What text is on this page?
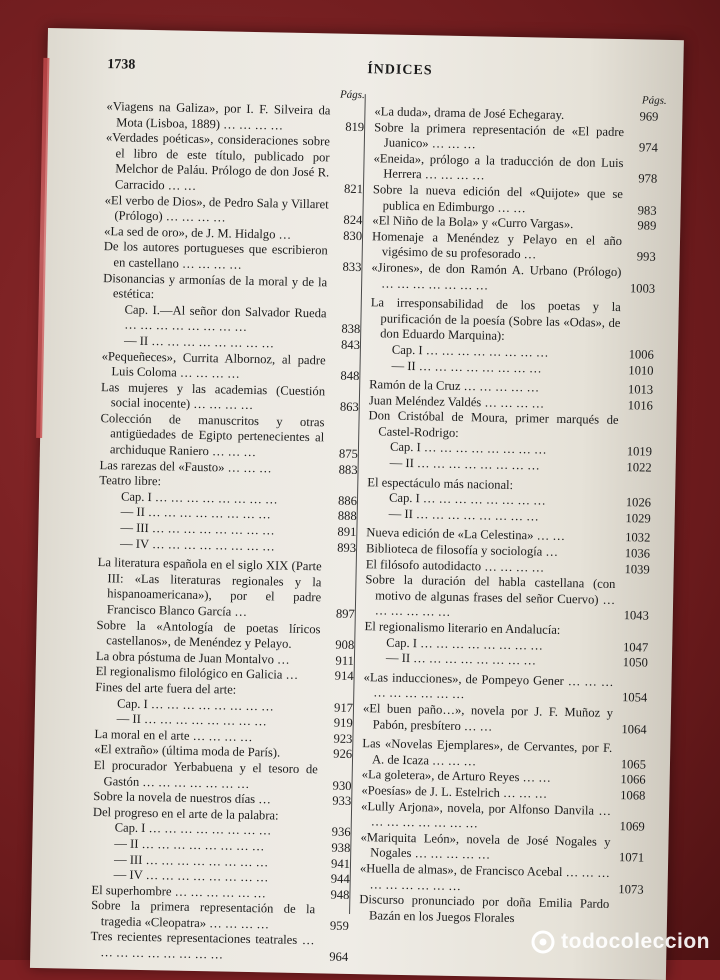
1738	ÍNDICES
Págs.
«Viagens na Galiza», por I. F. Silveira da Mota (Lisboa, 1889) … … … …	819
«Verdades poéticas», consideraciones sobre el libro de este título, publicado por Melchor de Paláu. Prólogo de don José R. Carracido … …	821
«El verbo de Dios», de Pedro Sala y Villaret (Prólogo) … … … …	824
«La sed de oro», de J. M. Hidalgo …	830
De los autores portugueses que escribieron en castellano … … … …	833
Disonancias y armonías de la moral y de la estética:
Cap. I.—Al señor don Salvador Rueda … … … … … … … …	838
— II … … … … … … … …	843
«Pequeñeces», Currita Albornoz, al padre Luis Coloma … … … …	848
Las mujeres y las academias (Cuestión social inocente) … … … …	863
Colección de manuscritos y otras antigüedades de Egipto pertenecientes al archiduque Raniero … … …	875
Las rarezas del «Fausto» … … …	883
Teatro libre:
Cap. I … … … … … … … …	886
— II … … … … … … … …	888
— III … … … … … … … …	891
— IV … … … … … … … …	893
La literatura española en el siglo XIX (Parte III: «Las literaturas regionales y la hispanoamericana»), por el padre Francisco Blanco García …	897
Sobre la «Antología de poetas líricos castellanos», de Menéndez y Pelayo.	908
La obra póstuma de Juan Montalvo …	911
El regionalismo filológico en Galicia …	914
Fines del arte fuera del arte:
Cap. I … … … … … … … …	917
— II … … … … … … … …	919
La moral en el arte … … … …	923
«El extraño» (última moda de París).	926
El procurador Yerbabuena y el tesoro de Gastón … … … … … … …	930
Sobre la novela de nuestros días …	933
Del progreso en el arte de la palabra:
Cap. I … … … … … … … …	936
— II … … … … … … … …	938
— III … … … … … … … …	941
— IV … … … … … … … …	944
El superhombre … … … … … …	948
Sobre la primera representación de la tragedia «Cleopatra» … … … …	959
Tres recientes representaciones teatrales … … … … … … … … …	964
Págs.
«La duda», drama de José Echegaray.	969
Sobre la primera representación de «El padre Juanico» … … …	974
«Eneida», prólogo a la traducción de don Luis Herrera … … … …	978
Sobre la nueva edición del «Quijote» que se publica en Edimburgo … …	983
«El Niño de la Bola» y «Curro Vargas».	989
Homenaje a Menéndez y Pelayo en el año vigésimo de su profesorado …	993
«Jirones», de don Ramón A. Urbano (Prólogo) … … … … … … …	1003
La irresponsabilidad de los poetas y la purificación de la poesía (Sobre las «Odas», de don Eduardo Marquina):
Cap. I … … … … … … … …	1006
— II … … … … … … … …	1010
Ramón de la Cruz … … … … …	1013
Juan Meléndez Valdés … … … …	1016
Don Cristóbal de Moura, primer marqués de Castel-Rodrigo:
Cap. I … … … … … … … …	1019
— II … … … … … … … …	1022
El espectáculo más nacional:
Cap. I … … … … … … … …	1026
— II … … … … … … … …	1029
Nueva edición de «La Celestina» … …	1032
Biblioteca de filosofía y sociología …	1036
El filósofo autodidacto … … … …	1039
Sobre la duración del habla castellana (con motivo de algunas frases del señor Cuervo) … … … … … …	1043
El regionalismo literario en Andalucía:
Cap. I … … … … … … … …	1047
— II … … … … … … … …	1050
«Las inducciones», de Pompeyo Gener … … … … … … … … …	1054
«El buen paño…», novela por J. F. Muñoz y Pabón, presbítero … …	1064
Las «Novelas Ejemplares», de Cervantes, por F. A. de Icaza … … …	1065
«La goletera», de Arturo Reyes … …	1066
«Poesías» de J. L. Estelrich … … …	1068
«Lully Arjona», novela, por Alfonso Danvila … … … … … … … …	1069
«Mariquita León», novela de José Nogales y Nogales … … … … …	1071
«Huella de almas», de Francisco Acebal … … … … … … … … …	1073
Discurso pronunciado por doña Emilia Pardo Bazán en los Juegos Florales
todocoleccion
